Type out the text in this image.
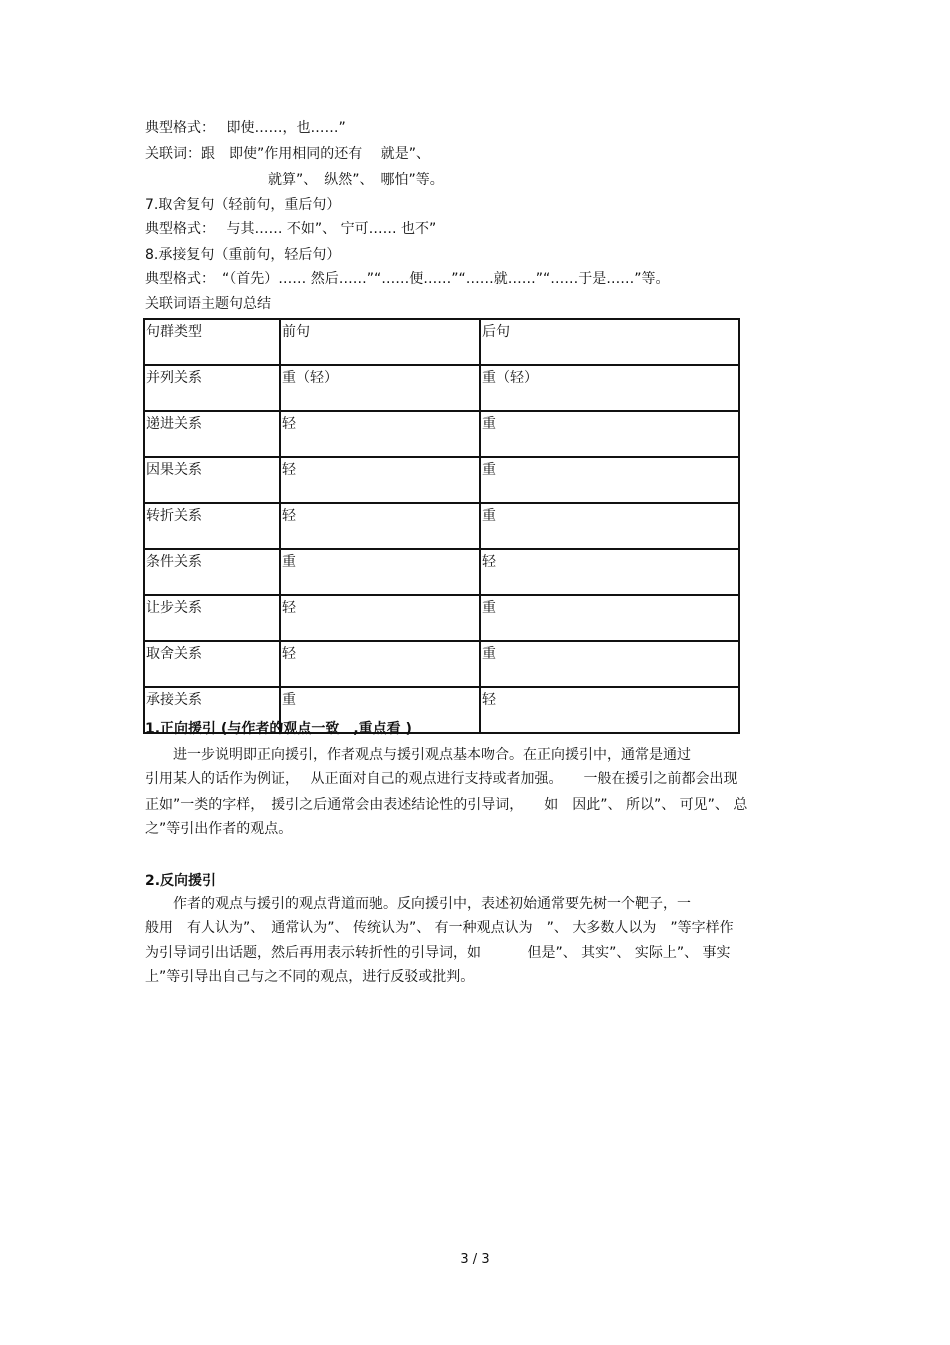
典型格式：　 即使……，也……”
关联词：跟　即使”作用相同的还有　 就是”、
就算”、　纵然”、　哪怕”等。
7.取舍复句（轻前句，重后句）
典型格式：　 与其…… 不如”、 宁可…… 也不”
8.承接复句（重前句，轻后句）
典型格式：　“（首先）…… 然后……”“……便……”“……就……”“……于是……”等。
关联词语主题句总结
句群类型	前句	后句
并列关系	重（轻）	重（轻）
递进关系	轻	重
因果关系	轻	重
转折关系	轻	重
条件关系	重	轻
让步关系	轻	重
取舍关系	轻	重
承接关系	重	轻
1.正向援引 (与作者的观点一致　,重点看 )
　　进一步说明即正向援引，作者观点与援引观点基本吻合。在正向援引中，通常是通过
引用某人的话作为例证，　 从正面对自己的观点进行支持或者加强。　　一般在援引之前都会出现
正如”一类的字样，　援引之后通常会由表述结论性的引导词，　　如　因此”、 所以”、 可见”、 总
之”等引出作者的观点。
2.反向援引
　　作者的观点与援引的观点背道而驰。反向援引中，表述初始通常要先树一个靶子，一
般用　有人认为”、　通常认为”、 传统认为”、 有一种观点认为　”、 大多数人以为　”等字样作
为引导词引出话题，然后再用表示转折性的引导词，如　　　 但是”、 其实”、 实际上”、 事实
上”等引导出自己与之不同的观点，进行反驳或批判。
3 / 3
